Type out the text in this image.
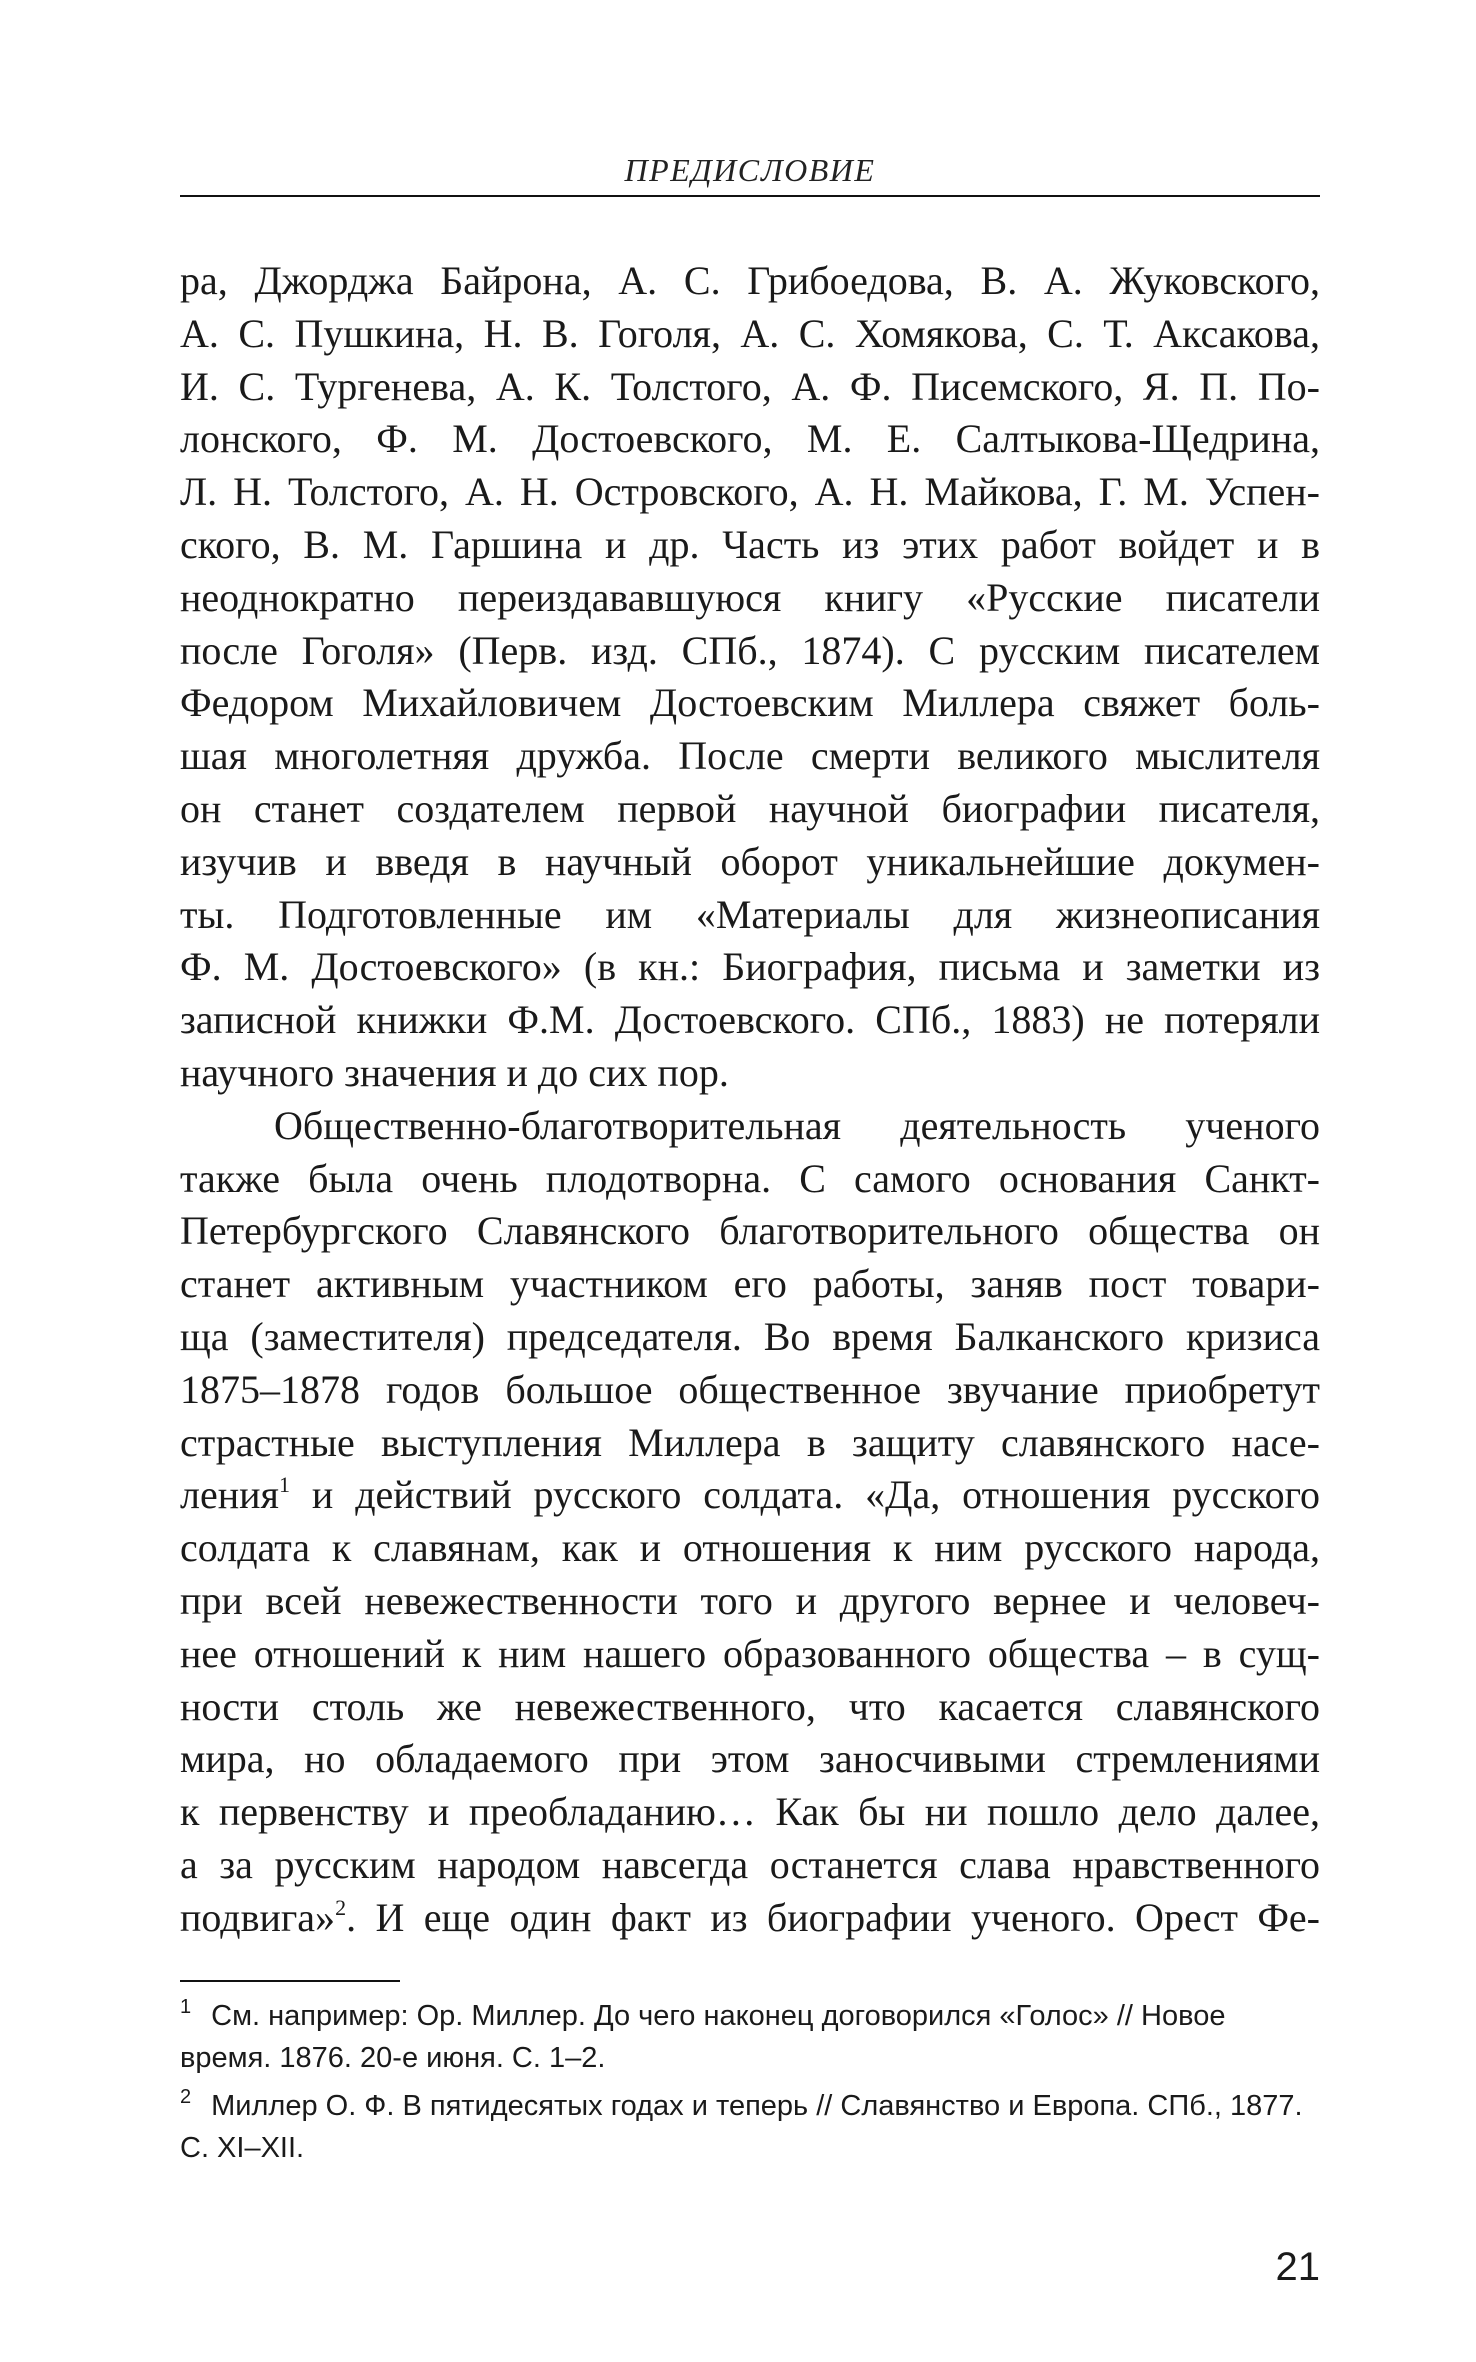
ПРЕДИСЛОВИЕ
ра, Джорджа Байрона, А. С. Грибоедова, В. А. Жуковского,
А. С. Пушкина, Н. В. Гоголя, А. С. Хомякова, С. Т. Аксакова,
И. С. Тургенева, А. К. Толстого, А. Ф. Писемского, Я. П. По-
лонского, Ф. М. Достоевского, М. Е. Салтыкова-Щедрина,
Л. Н. Толстого, А. Н. Островского, А. Н. Майкова, Г. М. Успен-
ского, В. М. Гаршина и др. Часть из этих работ войдет и в
неоднократно переиздававшуюся книгу «Русские писатели
после Гоголя» (Перв. изд. СПб., 1874). С русским писателем
Федором Михайловичем Достоевским Миллера свяжет боль-
шая многолетняя дружба. После смерти великого мыслителя
он станет создателем первой научной биографии писателя,
изучив и введя в научный оборот уникальнейшие докумен-
ты. Подготовленные им «Материалы для жизнеописания
Ф. М. Достоевского» (в кн.: Биография, письма и заметки из
записной книжки Ф.М. Достоевского. СПб., 1883) не потеряли
научного значения и до сих пор.
Общественно-благотворительная деятельность ученого
также была очень плодотворна. С самого основания Санкт-
Петербургского Славянского благотворительного общества он
станет активным участником его работы, заняв пост товари-
ща (заместителя) председателя. Во время Балканского кризиса
1875–1878 годов большое общественное звучание приобретут
страстные выступления Миллера в защиту славянского насе-
ления$^1$ и действий русского солдата. «Да, отношения русского
солдата к славянам, как и отношения к ним русского народа,
при всей невежественности того и другого вернее и человеч-
нее отношений к ним нашего образованного общества – в сущ-
ности столь же невежественного, что касается славянского
мира, но обладаемого при этом заносчивыми стремлениями
к первенству и преобладанию… Как бы ни пошло дело далее,
а за русским народом навсегда останется слава нравственного
подвига»$^2$. И еще один факт из биографии ученого. Орест Фе-
$^1$ См. например: Ор. Миллер. До чего наконец договорился «Голос» // Новое время. 1876. 20-е июня. С. 1–2.
$^2$ Миллер О. Ф. В пятидесятых годах и теперь // Славянство и Европа. СПб., 1877. С. XI–XII.
21
